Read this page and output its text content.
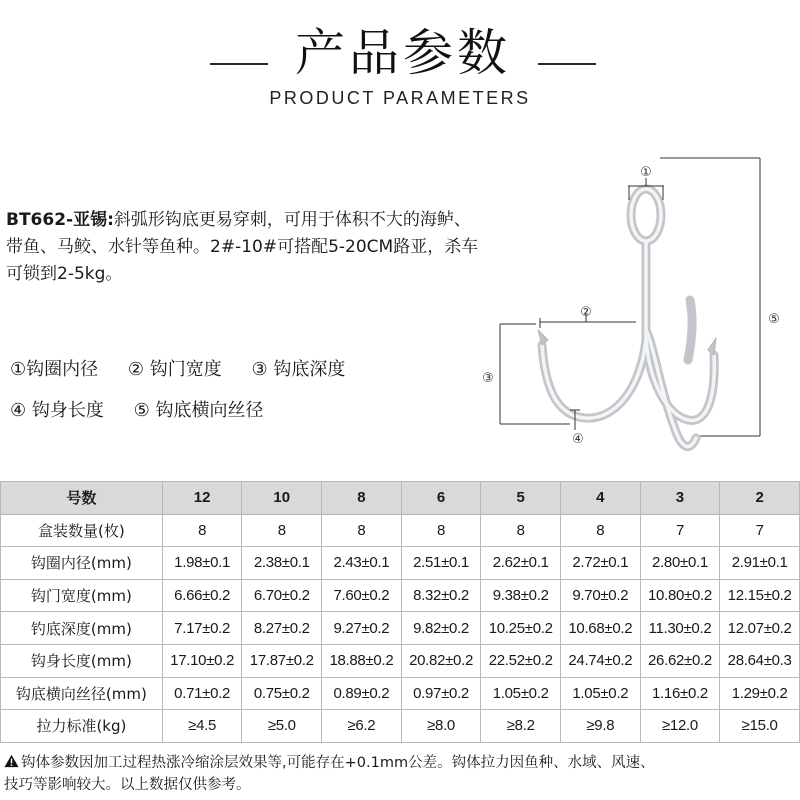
产品参数
PRODUCT PARAMETERS

BT662-亚锡:斜弧形钩底更易穿刺，可用于体积不大的海鲈、带鱼、马鲛、水针等鱼种。2#-10#可搭配5-20CM路亚，杀车可锁到2-5kg。

①钩圈内径 ② 钩门宽度 ③ 钩底深度
④ 钩身长度 ⑤ 钩底横向丝径
①
②
③
④
⑤
号数	12	10	8	6	5	4	3	2
盒装数量(枚)	8	8	8	8	8	8	7	7
钩圈内径(mm)	1.98±0.1	2.38±0.1	2.43±0.1	2.51±0.1	2.62±0.1	2.72±0.1	2.80±0.1	2.91±0.1
钩门宽度(mm)	6.66±0.2	6.70±0.2	7.60±0.2	8.32±0.2	9.38±0.2	9.70±0.2	10.80±0.2	12.15±0.2
钓底深度(mm)	7.17±0.2	8.27±0.2	9.27±0.2	9.82±0.2	10.25±0.2	10.68±0.2	11.30±0.2	12.07±0.2
钩身长度(mm)	17.10±0.2	17.87±0.2	18.88±0.2	20.82±0.2	22.52±0.2	24.74±0.2	26.62±0.2	28.64±0.3
钩底横向丝径(mm)	0.71±0.2	0.75±0.2	0.89±0.2	0.97±0.2	1.05±0.2	1.05±0.2	1.16±0.2	1.29±0.2
拉力标准(kg)	≥4.5	≥5.0	≥6.2	≥8.0	≥8.2	≥9.8	≥12.0	≥15.0
钩体参数因加工过程热涨冷缩涂层效果等,可能存在+0.1mm公差。钩体拉力因鱼种、水域、风速、
技巧等影响较大。以上数据仅供参考。
